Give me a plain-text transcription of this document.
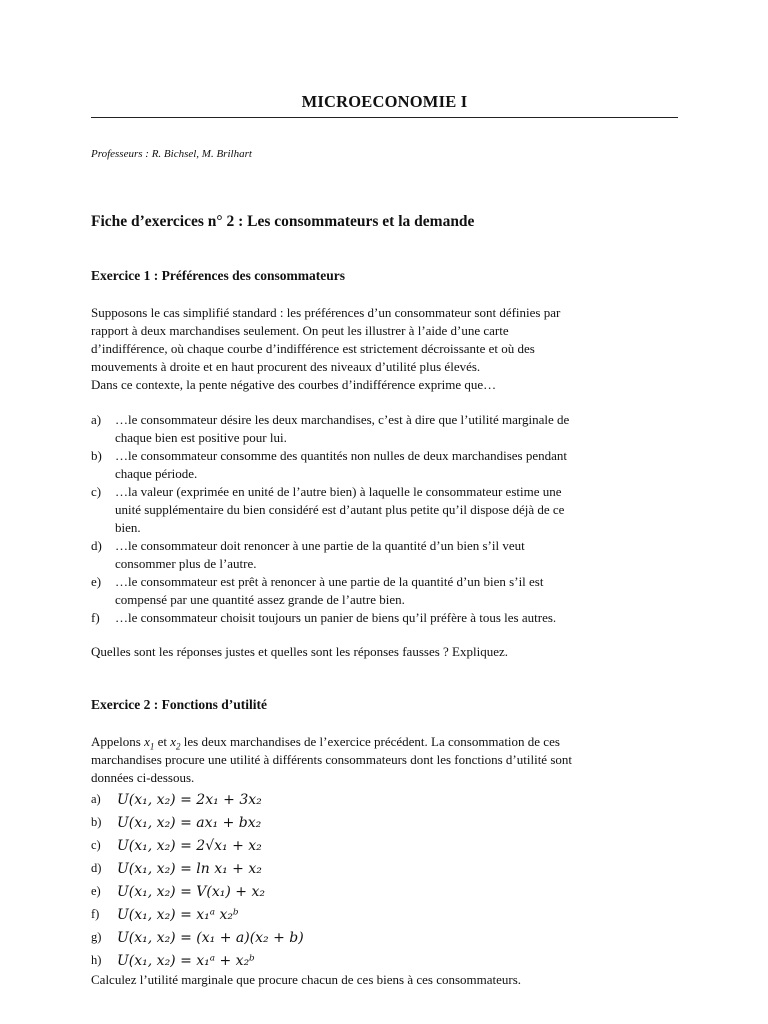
MICROECONOMIE I
Professeurs : R. Bichsel, M. Brilhart
Fiche d’exercices n° 2 : Les consommateurs et la demande
Exercice 1 : Préférences des consommateurs
Supposons le cas simplifié standard : les préférences d’un consommateur sont définies par
rapport à deux marchandises seulement. On peut les illustrer à l’aide d’une carte
d’indifférence, où chaque courbe d’indifférence est strictement décroissante et où des
mouvements à droite et en haut procurent des niveaux d’utilité plus élevés.
Dans ce contexte, la pente négative des courbes d’indifférence exprime que…
a)	…le consommateur désire les deux marchandises, c’est à dire que l’utilité marginale de
chaque bien est positive pour lui.
b)	…le consommateur consomme des quantités non nulles de deux marchandises pendant
chaque période.
c)	…la valeur (exprimée en unité de l’autre bien) à laquelle le consommateur estime une
unité supplémentaire du bien considéré est d’autant plus petite qu’il dispose déjà de ce
bien.
d)	…le consommateur doit renoncer à une partie de la quantité d’un bien s’il veut
consommer plus de l’autre.
e)	…le consommateur est prêt à renoncer à une partie de la quantité d’un bien s’il est
compensé par une quantité assez grande de l’autre bien.
f)	…le consommateur choisit toujours un panier de biens qu’il préfère à tous les autres.
Quelles sont les réponses justes et quelles sont les réponses fausses ? Expliquez.
Exercice 2 : Fonctions d’utilité
Appelons $x_1$ et $x_2$ les deux marchandises de l’exercice précédent. La consommation de ces
marchandises procure une utilité à différents consommateurs dont les fonctions d’utilité sont
données ci-dessous.
a)	U(x₁, x₂) = 2x₁ + 3x₂
b)	U(x₁, x₂) = ax₁ + bx₂
c)	U(x₁, x₂) = 2√x₁ + x₂
d)	U(x₁, x₂) = ln x₁ + x₂
e)	U(x₁, x₂) = V(x₁) + x₂
f)	U(x₁, x₂) = x₁ᵃ x₂ᵇ
g)	U(x₁, x₂) = (x₁ + a)(x₂ + b)
h)	U(x₁, x₂) = x₁ᵃ + x₂ᵇ
Calculez l’utilité marginale que procure chacun de ces biens à ces consommateurs.
